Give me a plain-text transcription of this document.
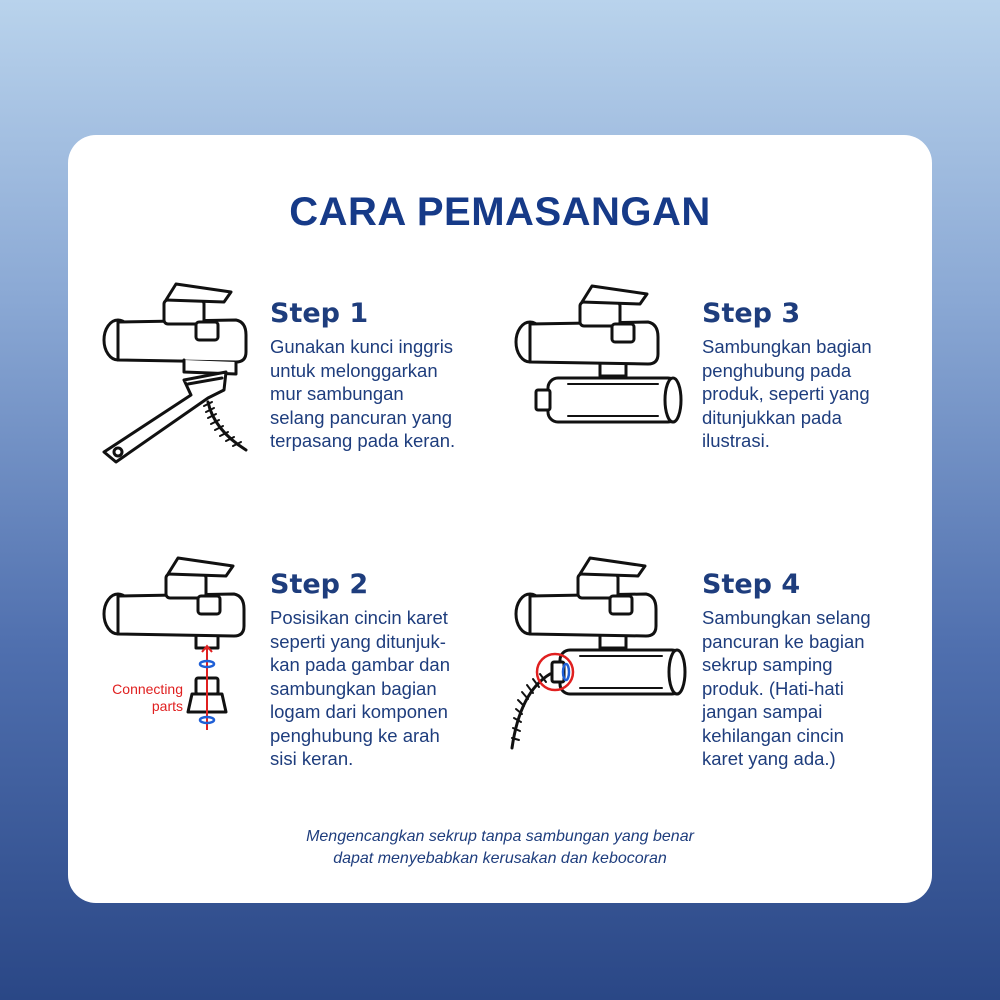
CARA PEMASANGAN
Connecting
parts
Step 1
Gunakan kunci inggris
untuk melonggarkan
mur sambungan
selang pancuran yang
terpasang pada keran.
Step 3
Sambungkan bagian
penghubung pada
produk, seperti yang
ditunjukkan pada
ilustrasi.
Step 2
Posisikan cincin karet
seperti yang ditunjuk-
kan pada gambar dan
sambungkan bagian
logam dari komponen
penghubung ke arah
sisi keran.
Step 4
Sambungkan selang
pancuran ke bagian
sekrup samping
produk. (Hati-hati
jangan sampai
kehilangan cincin
karet yang ada.)
Mengencangkan sekrup tanpa sambungan yang benar
dapat menyebabkan kerusakan dan kebocoran
